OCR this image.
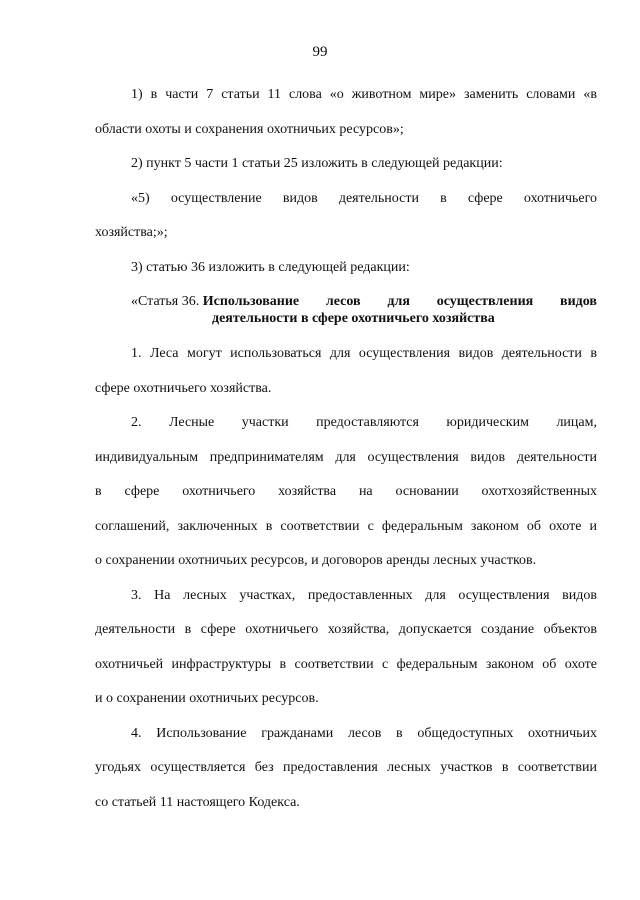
99
1) в части 7 статьи 11 слова «о животном мире» заменить словами «в
области охоты и сохранения охотничьих ресурсов»;
2) пункт 5 части 1 статьи 25 изложить в следующей редакции:
«5) осуществление видов деятельности в сфере охотничьего
хозяйства;»;
3) статью 36 изложить в следующей редакции:
«Статья 36. Использование лесов для осуществления видов
деятельности в сфере охотничьего хозяйства
1. Леса могут использоваться для осуществления видов деятельности в
сфере охотничьего хозяйства.
2. Лесные участки предоставляются юридическим лицам,
индивидуальным предпринимателям для осуществления видов деятельности
в сфере охотничьего хозяйства на основании охотхозяйственных
соглашений, заключенных в соответствии с федеральным законом об охоте и
о сохранении охотничьих ресурсов, и договоров аренды лесных участков.
3. На лесных участках, предоставленных для осуществления видов
деятельности в сфере охотничьего хозяйства, допускается создание объектов
охотничьей инфраструктуры в соответствии с федеральным законом об охоте
и о сохранении охотничьих ресурсов.
4. Использование гражданами лесов в общедоступных охотничьих
угодьях осуществляется без предоставления лесных участков в соответствии
со статьей 11 настоящего Кодекса.
